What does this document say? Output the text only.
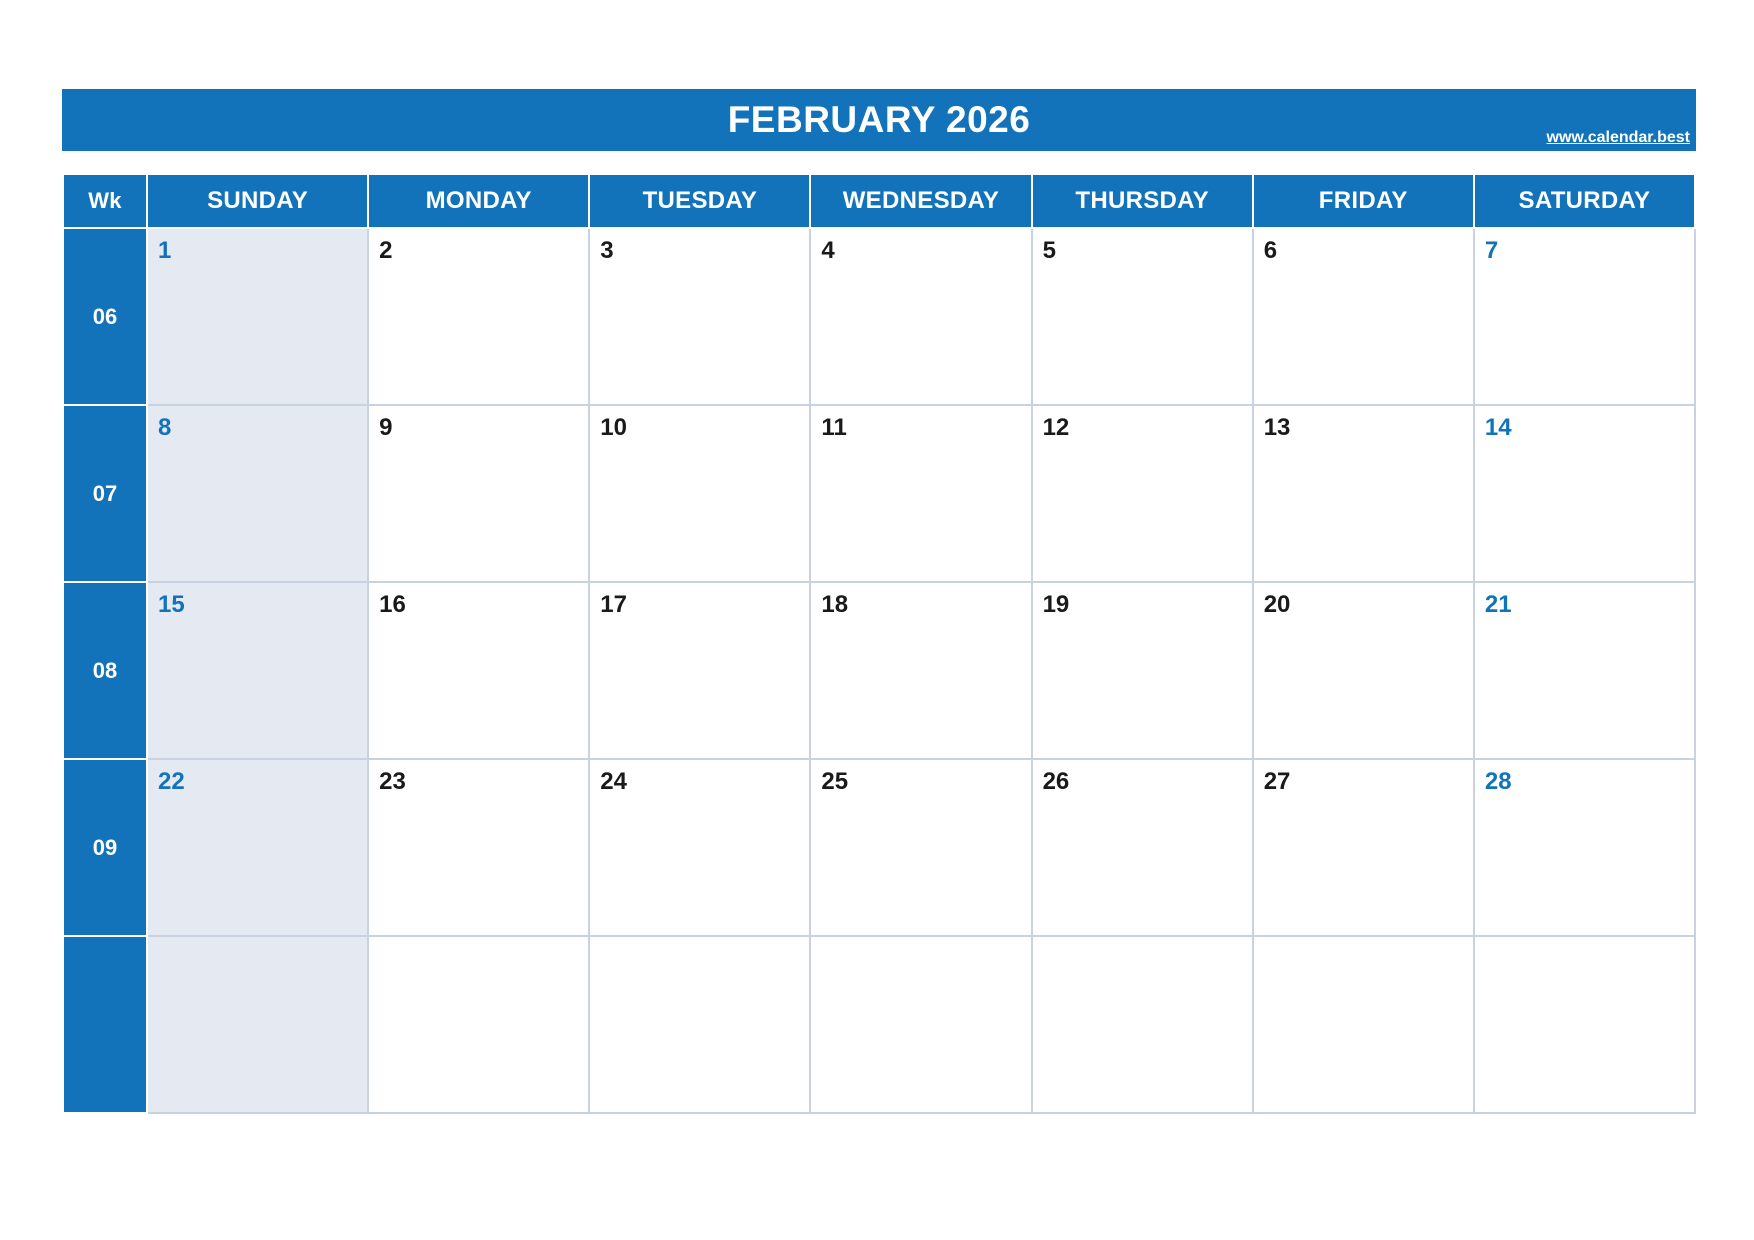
FEBRUARY 2026	www.calendar.best
Wk	SUNDAY	MONDAY	TUESDAY	WEDNESDAY	THURSDAY	FRIDAY	SATURDAY
06	1	2	3	4	5	6	7

07	8	9	10	11	12	13	14

08	15	16	17	18	19	20	21

09	22	23	24	25	26	27	28
